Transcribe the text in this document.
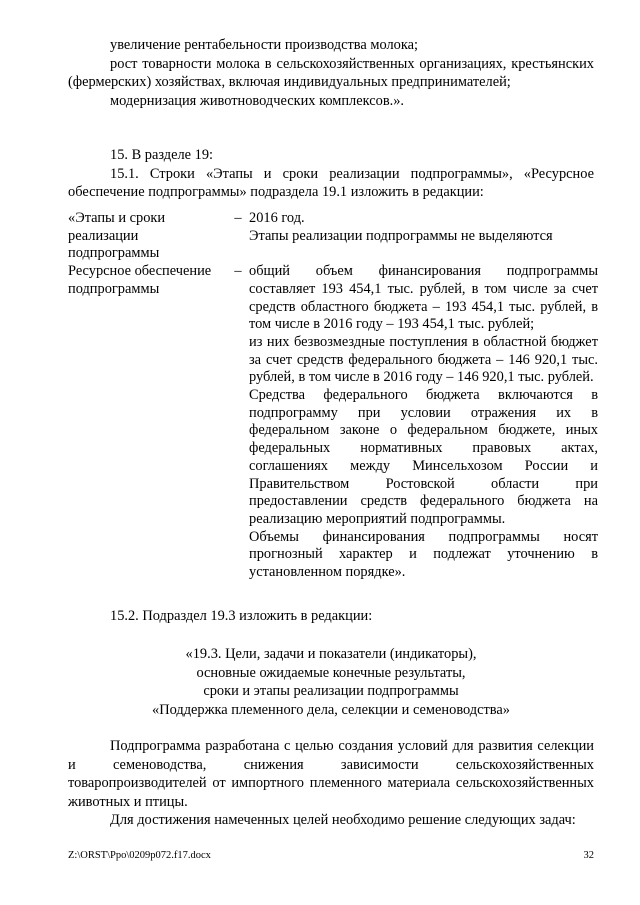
увеличение рентабельности производства молока;

рост товарности молока в сельскохозяйственных организациях, крестьянских (фермерских) хозяйствах, включая индивидуальных предпринимателей;

модернизация животноводческих комплексов.».

15. В разделе 19:

15.1. Строки «Этапы и сроки реализации подпрограммы», «Ресурсное обеспечение подпрограммы» подраздела 19.1 изложить в редакции:

«Этапы и сроки реализации подпрограммы
– 2016 год.
Этапы реализации подпрограммы не выделяются
Ресурсное обеспечение подпрограммы
– общий объем финансирования подпрограммы составляет 193 454,1 тыс. рублей, в том числе за счет средств областного бюджета – 193 454,1 тыс. рублей, в том числе в 2016 году – 193 454,1 тыс. рублей;
из них безвозмездные поступления в областной бюджет за счет средств федерального бюджета – 146 920,1 тыс. рублей, в том числе в 2016 году – 146 920,1 тыс. рублей.
Средства федерального бюджета включаются в подпрограмму при условии отражения их в федеральном законе о федеральном бюджете, иных федеральных нормативных правовых актах, соглашениях между Минсельхозом России и Правительством Ростовской области при предоставлении средств федерального бюджета на реализацию мероприятий подпрограммы.
Объемы финансирования подпрограммы носят прогнозный характер и подлежат уточнению в установленном порядке».

15.2. Подраздел 19.3 изложить в редакции:

«19.3. Цели, задачи и показатели (индикаторы),

основные ожидаемые конечные результаты,

сроки и этапы реализации подпрограммы

«Поддержка племенного дела, селекции и семеноводства»

Подпрограмма разработана с целью создания условий для развития селекции и семеноводства, снижения зависимости сельскохозяйственных товаропроизводителей от импортного племенного материала сельскохозяйственных животных и птицы.

Для достижения намеченных целей необходимо решение следующих задач:

Z:\ORST\Ppo\0209p072.f17.docx	32
